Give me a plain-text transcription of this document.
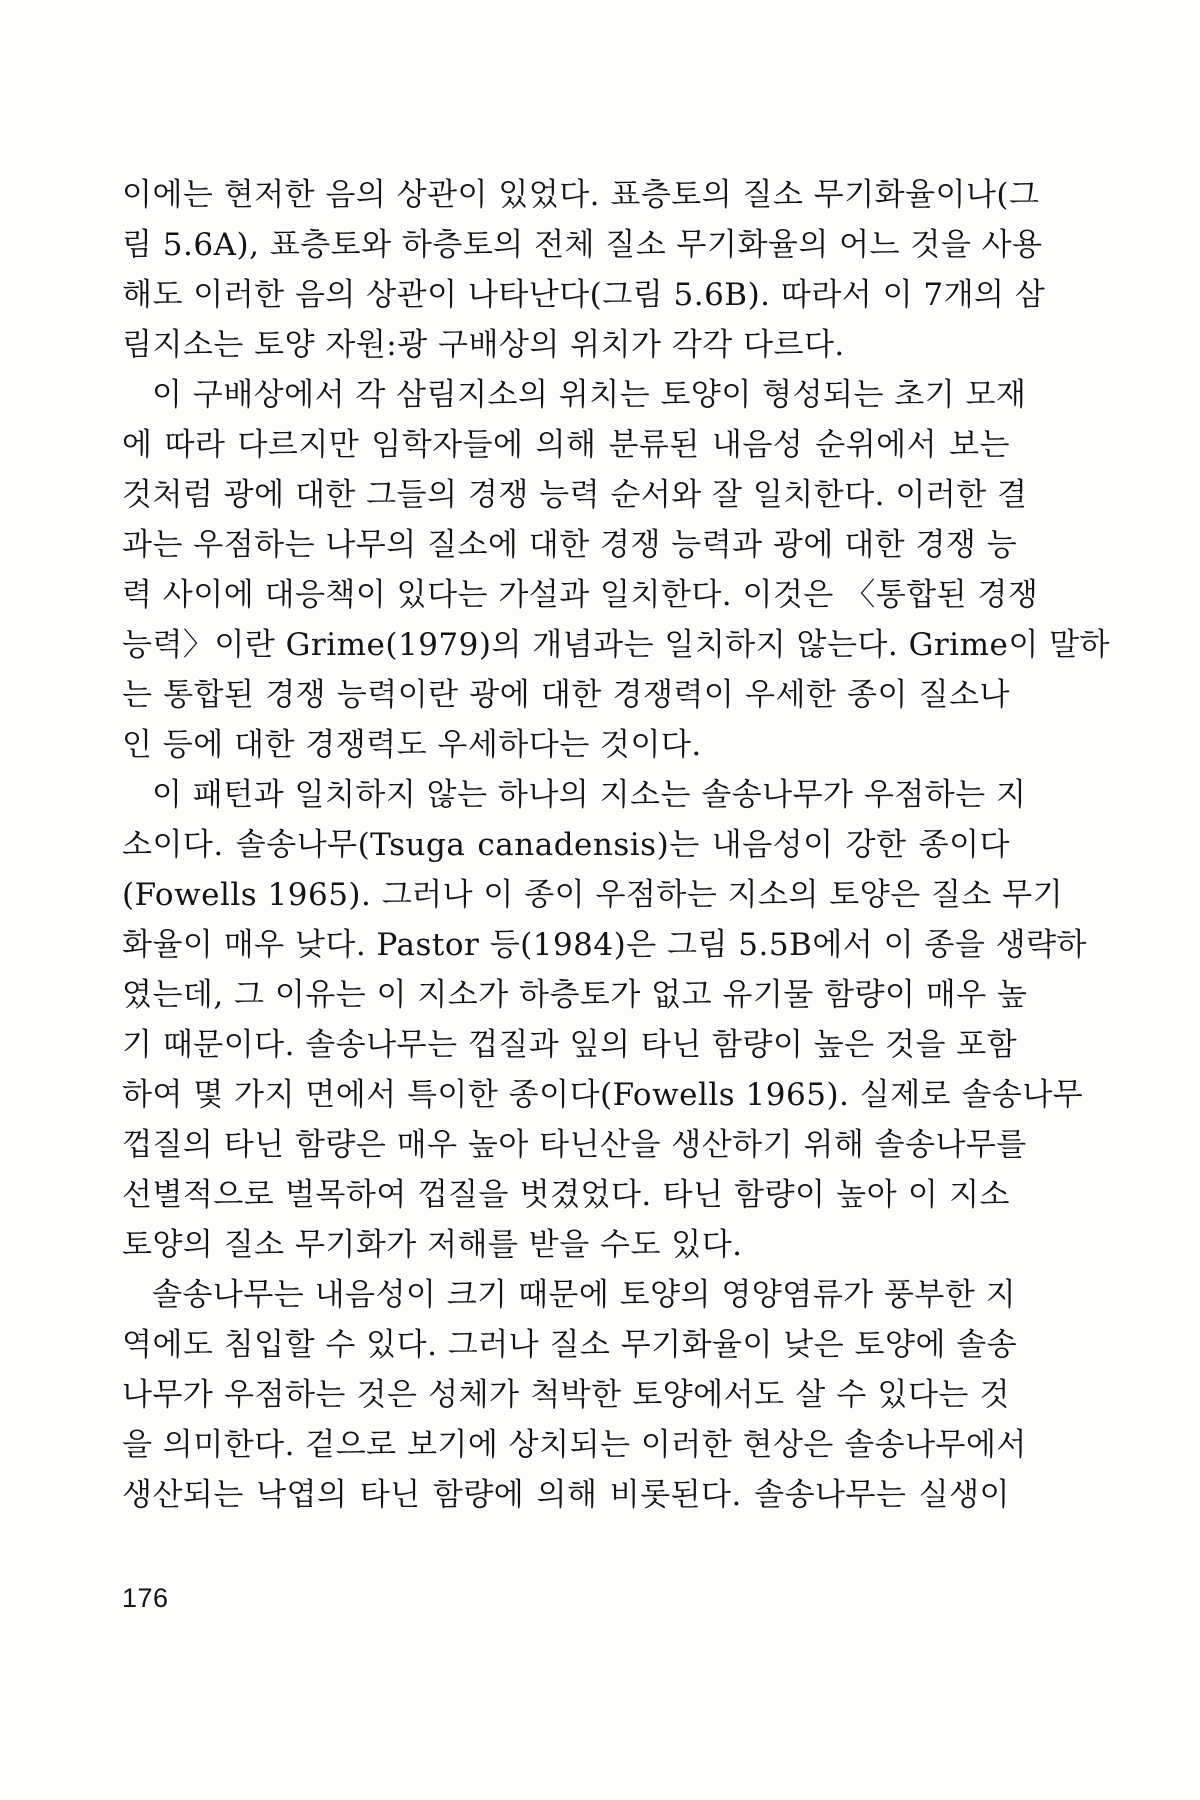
이에는 현저한 음의 상관이 있었다. 표층토의 질소 무기화율이나(그
림 5.6A), 표층토와 하층토의 전체 질소 무기화율의 어느 것을 사용
해도 이러한 음의 상관이 나타난다(그림 5.6B). 따라서 이 7개의 삼
림지소는 토양 자원:광 구배상의 위치가 각각 다르다.
이 구배상에서 각 삼림지소의 위치는 토양이 형성되는 초기 모재
에 따라 다르지만 임학자들에 의해 분류된 내음성 순위에서 보는
것처럼 광에 대한 그들의 경쟁 능력 순서와 잘 일치한다. 이러한 결
과는 우점하는 나무의 질소에 대한 경쟁 능력과 광에 대한 경쟁 능
력 사이에 대응책이 있다는 가설과 일치한다. 이것은 〈통합된 경쟁
능력〉이란 Grime(1979)의 개념과는 일치하지 않는다. Grime이 말하
는 통합된 경쟁 능력이란 광에 대한 경쟁력이 우세한 종이 질소나
인 등에 대한 경쟁력도 우세하다는 것이다.
이 패턴과 일치하지 않는 하나의 지소는 솔송나무가 우점하는 지
소이다. 솔송나무(Tsuga canadensis)는 내음성이 강한 종이다
(Fowells 1965). 그러나 이 종이 우점하는 지소의 토양은 질소 무기
화율이 매우 낮다. Pastor 등(1984)은 그림 5.5B에서 이 종을 생략하
였는데, 그 이유는 이 지소가 하층토가 없고 유기물 함량이 매우 높
기 때문이다. 솔송나무는 껍질과 잎의 타닌 함량이 높은 것을 포함
하여 몇 가지 면에서 특이한 종이다(Fowells 1965). 실제로 솔송나무
껍질의 타닌 함량은 매우 높아 타닌산을 생산하기 위해 솔송나무를
선별적으로 벌목하여 껍질을 벗겼었다. 타닌 함량이 높아 이 지소
토양의 질소 무기화가 저해를 받을 수도 있다.
솔송나무는 내음성이 크기 때문에 토양의 영양염류가 풍부한 지
역에도 침입할 수 있다. 그러나 질소 무기화율이 낮은 토양에 솔송
나무가 우점하는 것은 성체가 척박한 토양에서도 살 수 있다는 것
을 의미한다. 겉으로 보기에 상치되는 이러한 현상은 솔송나무에서
생산되는 낙엽의 타닌 함량에 의해 비롯된다. 솔송나무는 실생이
176
